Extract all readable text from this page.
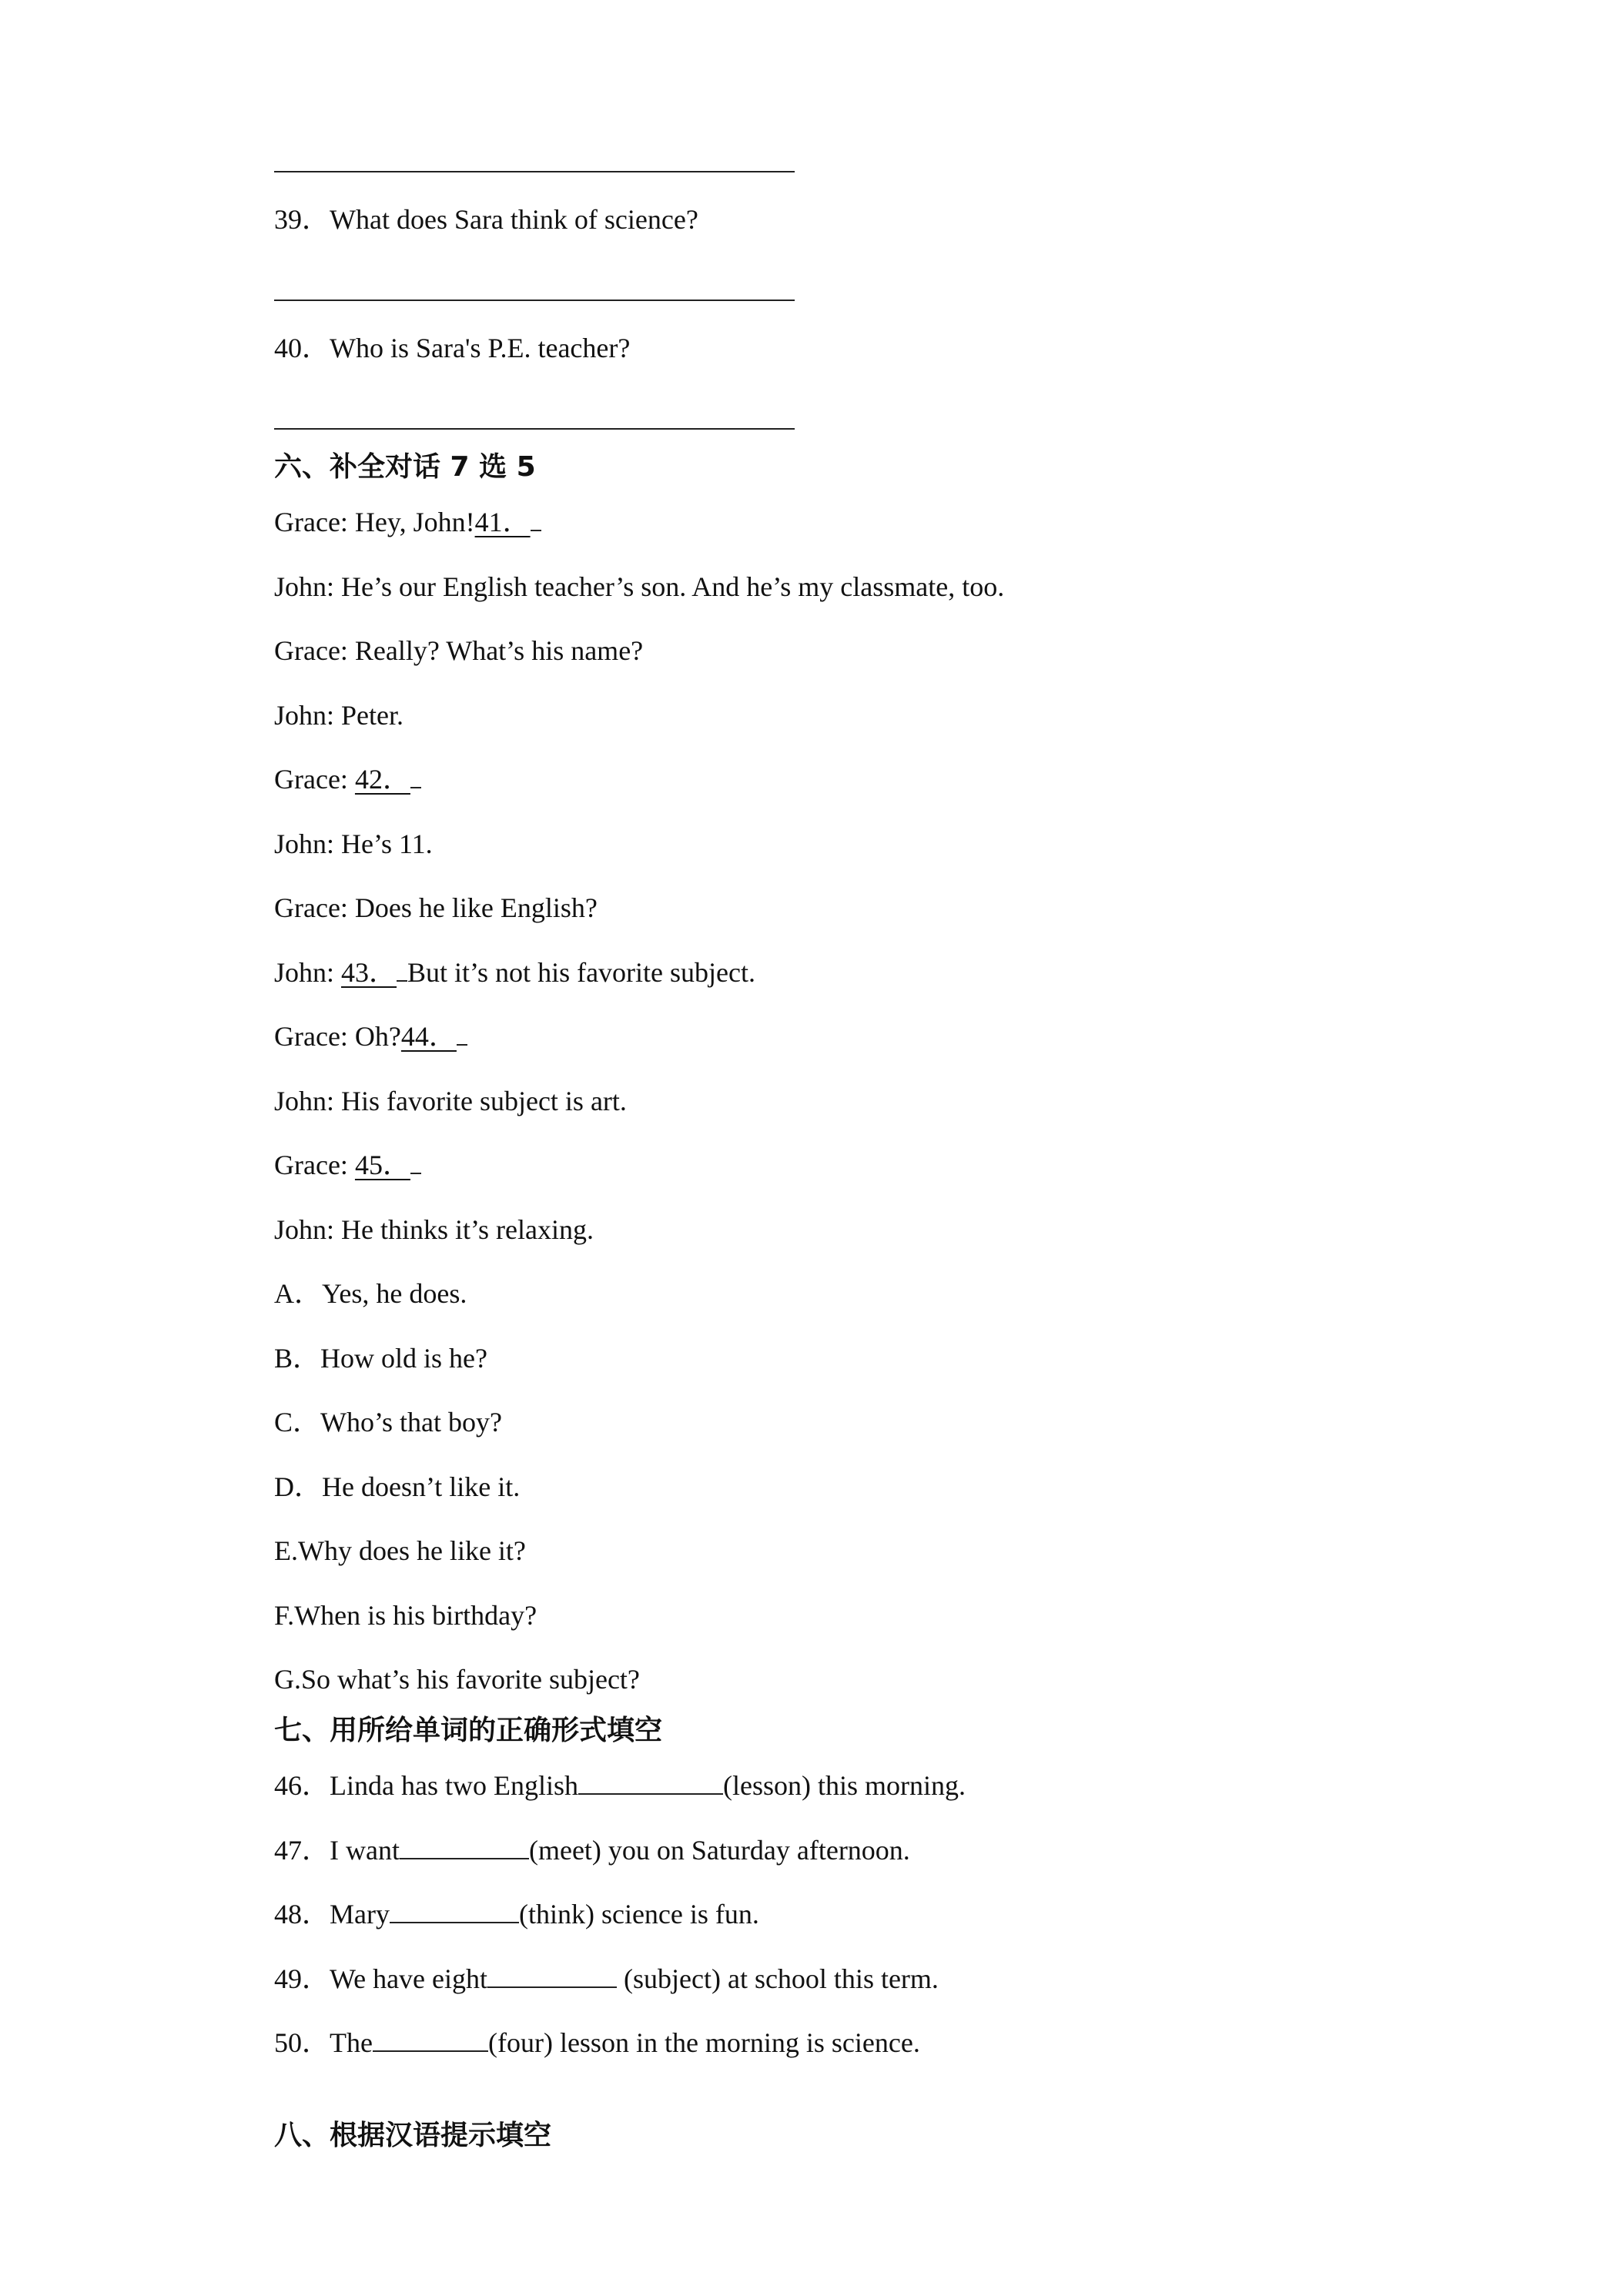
39．What does Sara think of science?
40．Who is Sara's P.E. teacher?
六、补全对话 7 选 5
Grace: Hey, John!41．
John: He’s our English teacher’s son. And he’s my classmate, too.
Grace: Really? What’s his name?
John: Peter.
Grace: 42．
John: He’s 11.
Grace: Does he like English?
John: 43． But it’s not his favorite subject.
Grace: Oh?44．
John: His favorite subject is art.
Grace: 45．
John: He thinks it’s relaxing.
A．Yes, he does.
B．How old is he?
C．Who’s that boy?
D．He doesn’t like it.
E.Why does he like it?
F.When is his birthday?
G.So what’s his favorite subject?
七、用所给单词的正确形式填空
46．Linda has two English	(lesson) this morning.
47．I want	(meet) you on Saturday afternoon.
48．Mary	(think) science is fun.
49．We have eight	(subject) at school this term.
50．The	(four) lesson in the morning is science.
八、根据汉语提示填空
